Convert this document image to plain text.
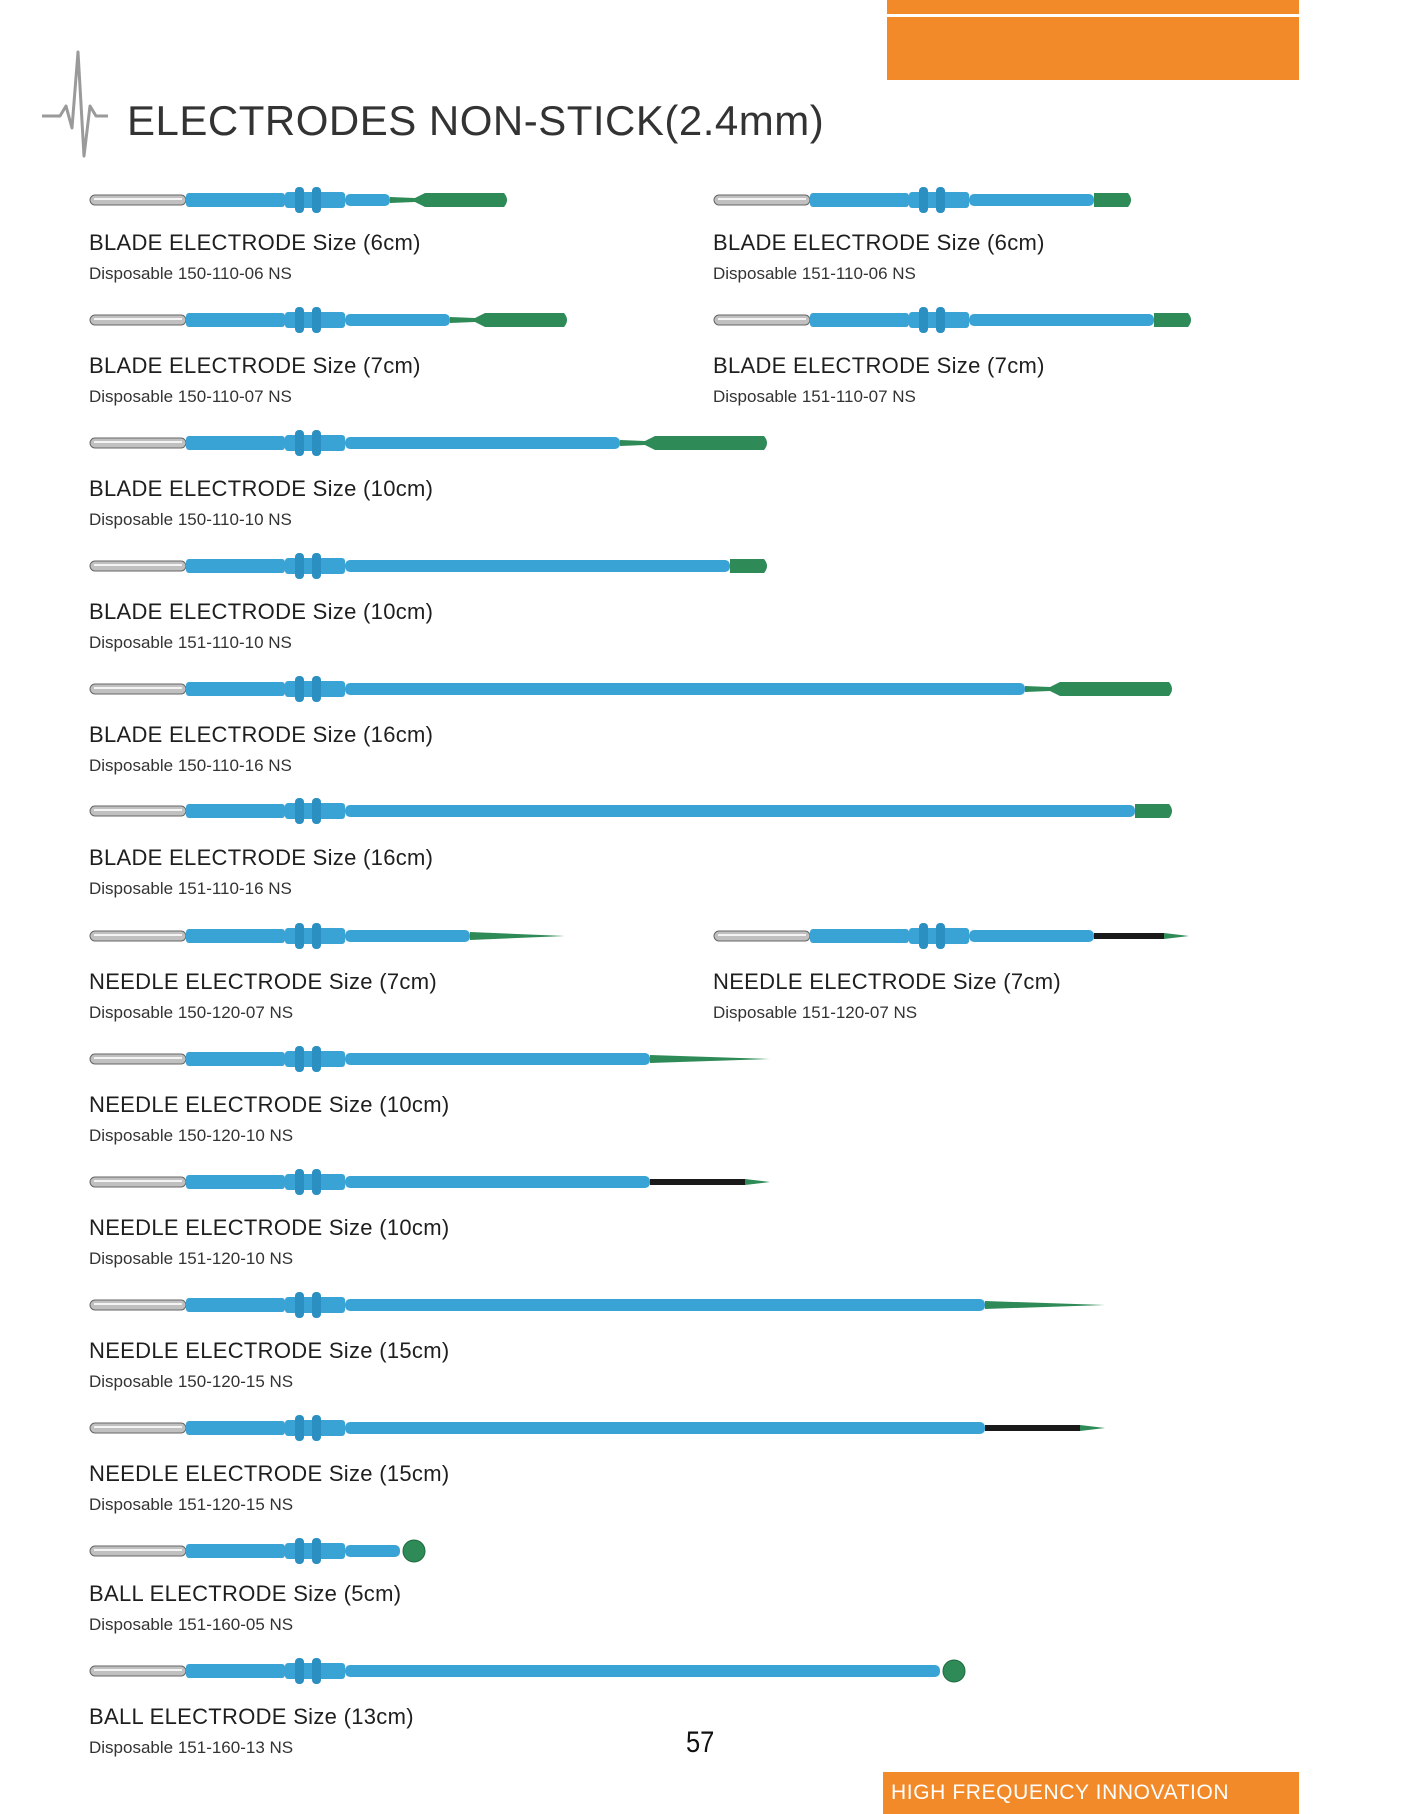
ELECTRODES NON-STICK(2.4mm)
BLADE ELECTRODE Size (6cm)
Disposable 150-110-06 NS
BLADE ELECTRODE Size (6cm)
Disposable 151-110-06 NS
BLADE ELECTRODE Size (7cm)
Disposable 150-110-07 NS
BLADE ELECTRODE Size (7cm)
Disposable 151-110-07 NS
BLADE ELECTRODE Size (10cm)
Disposable 150-110-10 NS
BLADE ELECTRODE Size (10cm)
Disposable 151-110-10 NS
BLADE ELECTRODE Size (16cm)
Disposable 150-110-16 NS
BLADE ELECTRODE Size (16cm)
Disposable 151-110-16 NS
NEEDLE ELECTRODE Size (7cm)
Disposable 150-120-07 NS
NEEDLE ELECTRODE Size (7cm)
Disposable 151-120-07 NS
NEEDLE ELECTRODE Size (10cm)
Disposable 150-120-10 NS
NEEDLE ELECTRODE Size (10cm)
Disposable 151-120-10 NS
NEEDLE ELECTRODE Size (15cm)
Disposable 150-120-15 NS
NEEDLE ELECTRODE Size (15cm)
Disposable 151-120-15 NS
BALL ELECTRODE Size (5cm)
Disposable 151-160-05 NS
BALL ELECTRODE Size (13cm)
Disposable 151-160-13 NS	57
HIGH FREQUENCY INNOVATION
